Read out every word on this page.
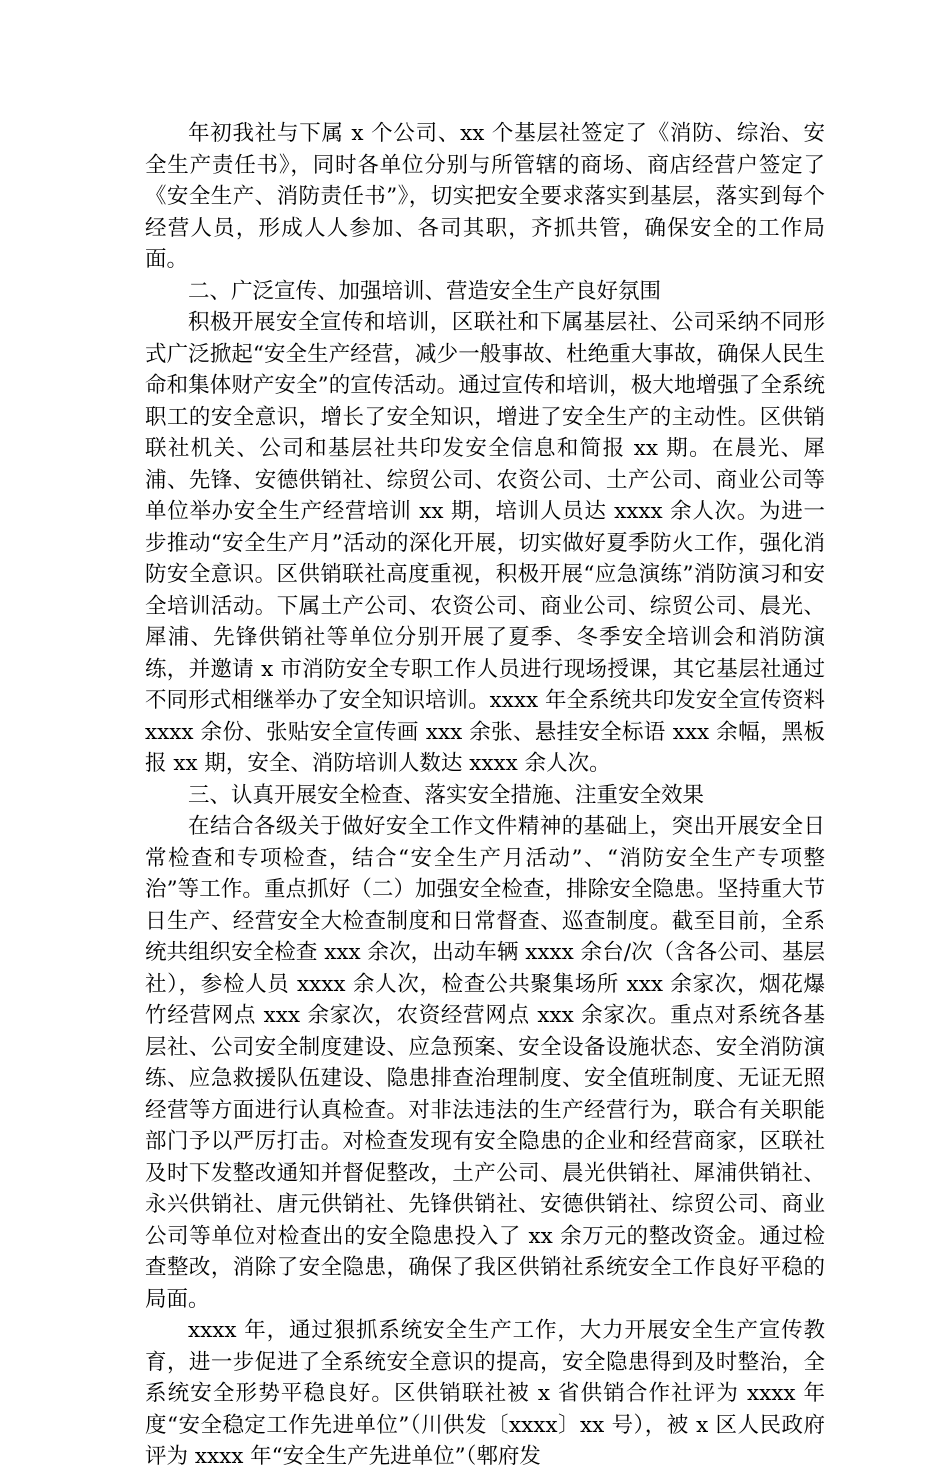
年初我社与下属 x 个公司、xx 个基层社签定了《消防、综治、安全生产责任书》，同时各单位分别与所管辖的商场、商店经营户签定了《安全生产、消防责任书”》，切实把安全要求落实到基层，落实到每个经营人员，形成人人参加、各司其职，齐抓共管，确保安全的工作局面。

二、广泛宣传、加强培训、营造安全生产良好氛围

积极开展安全宣传和培训，区联社和下属基层社、公司采纳不同形式广泛掀起“安全生产经营，减少一般事故、杜绝重大事故，确保人民生命和集体财产安全”的宣传活动。通过宣传和培训，极大地增强了全系统职工的安全意识，增长了安全知识，增进了安全生产的主动性。区供销联社机关、公司和基层社共印发安全信息和简报 xx 期。在晨光、犀浦、先锋、安德供销社、综贸公司、农资公司、土产公司、商业公司等单位举办安全生产经营培训 xx 期，培训人员达 xxxx 余人次。为进一步推动“安全生产月”活动的深化开展，切实做好夏季防火工作，强化消防安全意识。区供销联社高度重视，积极开展“应急演练”消防演习和安全培训活动。下属土产公司、农资公司、商业公司、综贸公司、晨光、犀浦、先锋供销社等单位分别开展了夏季、冬季安全培训会和消防演练，并邀请 x 市消防安全专职工作人员进行现场授课，其它基层社通过不同形式相继举办了安全知识培训。xxxx 年全系统共印发安全宣传资料 xxxx 余份、张贴安全宣传画 xxx 余张、悬挂安全标语 xxx 余幅，黑板报 xx 期，安全、消防培训人数达 xxxx 余人次。

三、认真开展安全检查、落实安全措施、注重安全效果

在结合各级关于做好安全工作文件精神的基础上，突出开展安全日常检查和专项检查，结合“安全生产月活动”、“消防安全生产专项整治”等工作。重点抓好（二）加强安全检查，排除安全隐患。坚持重大节日生产、经营安全大检查制度和日常督查、巡查制度。截至目前，全系统共组织安全检查 xxx 余次，出动车辆 xxxx 余台/次（含各公司、基层社），参检人员 xxxx 余人次，检查公共聚集场所 xxx 余家次，烟花爆竹经营网点 xxx 余家次，农资经营网点 xxx 余家次。重点对系统各基层社、公司安全制度建设、应急预案、安全设备设施状态、安全消防演练、应急救援队伍建设、隐患排查治理制度、安全值班制度、无证无照经营等方面进行认真检查。对非法违法的生产经营行为，联合有关职能部门予以严厉打击。对检查发现有安全隐患的企业和经营商家，区联社及时下发整改通知并督促整改，土产公司、晨光供销社、犀浦供销社、永兴供销社、唐元供销社、先锋供销社、安德供销社、综贸公司、商业公司等单位对检查出的安全隐患投入了 xx 余万元的整改资金。通过检查整改，消除了安全隐患，确保了我区供销社系统安全工作良好平稳的局面。

xxxx 年，通过狠抓系统安全生产工作，大力开展安全生产宣传教育，进一步促进了全系统安全意识的提高，安全隐患得到及时整治，全系统安全形势平稳良好。区供销联社被 x 省供销合作社评为 xxxx 年度“安全稳定工作先进单位”（川供发〔xxxx〕xx 号），被 x 区人民政府评为 xxxx 年“安全生产先进单位”（郫府发
